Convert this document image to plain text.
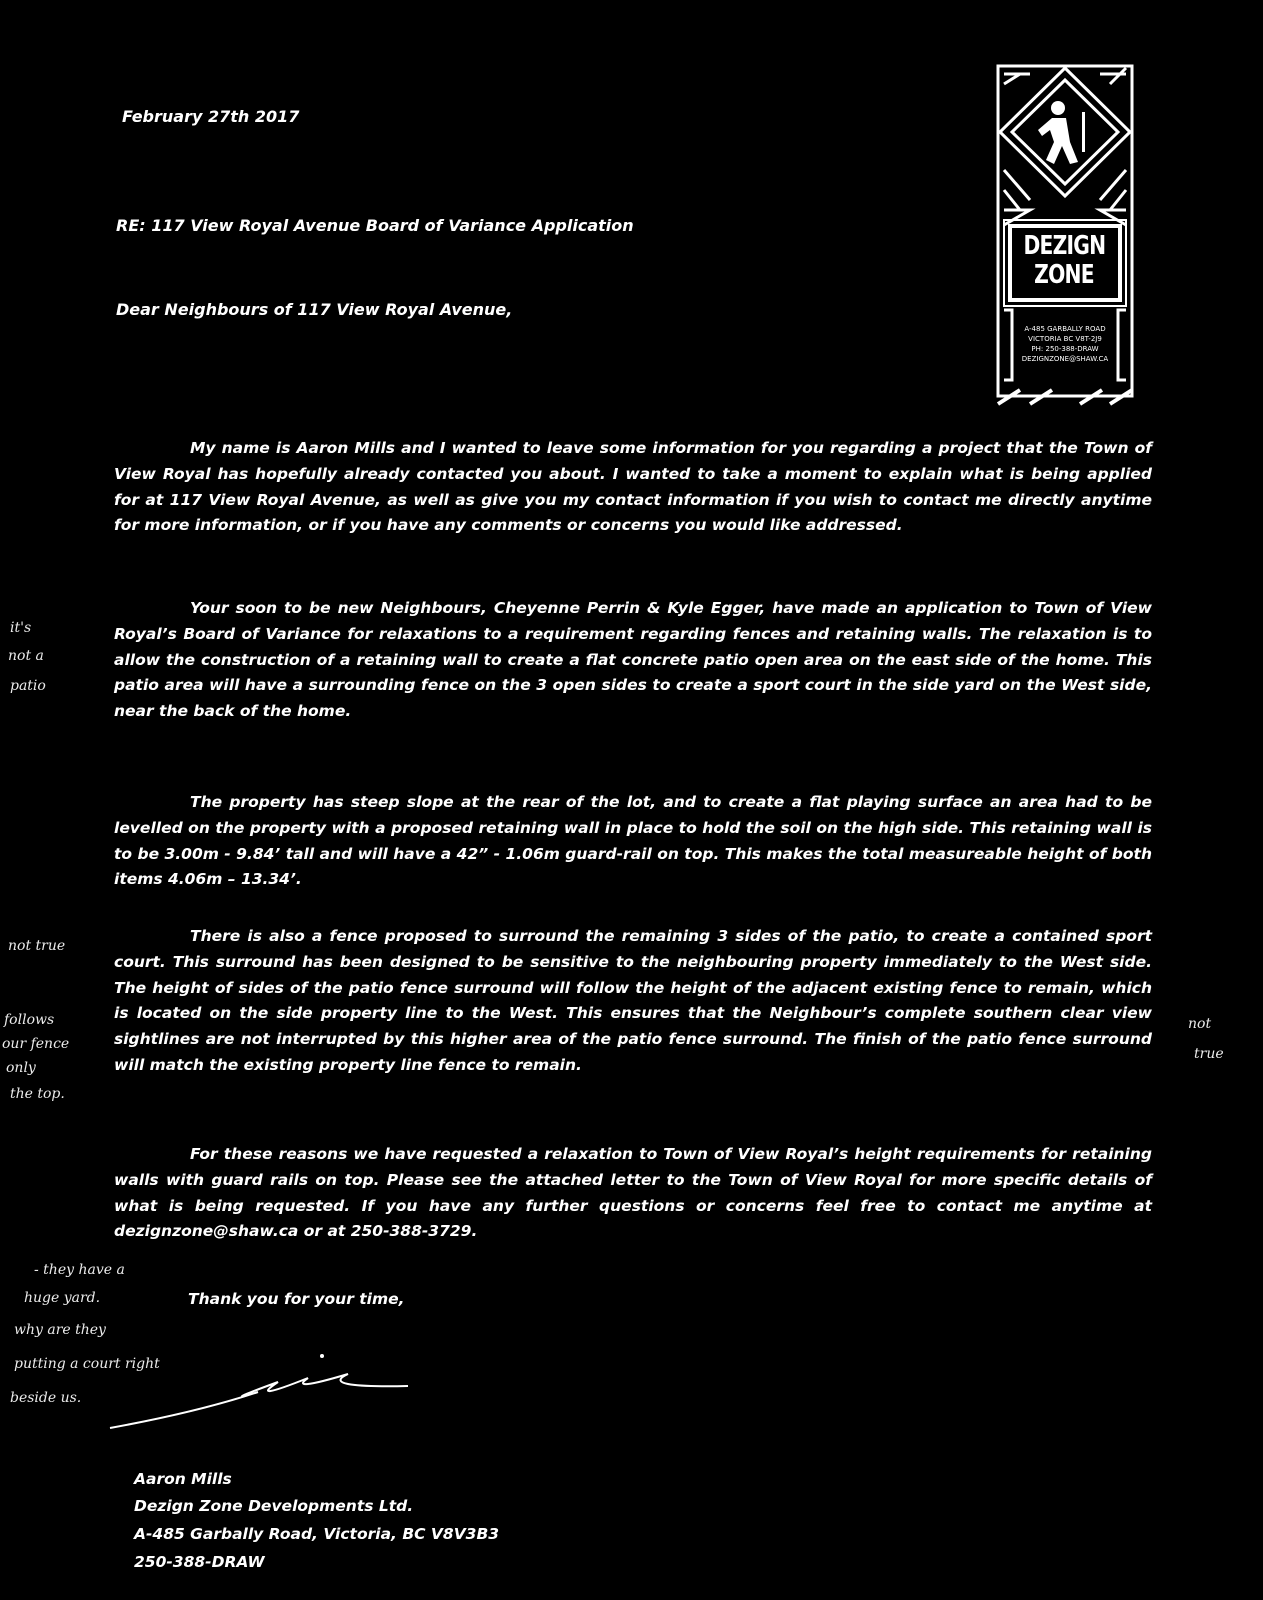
DEZIGN
ZONE
A-485 GARBALLY ROAD
VICTORIA BC V8T-2J9
PH: 250-388-DRAW
DEZIGNZONE@SHAW.CA
February 27th 2017
RE: 117 View Royal Avenue Board of Variance Application
Dear Neighbours of 117 View Royal Avenue,
My name is Aaron Mills and I wanted to leave some information for you regarding a project that the Town of View Royal has hopefully already contacted you about. I wanted to take a moment to explain what is being applied for at 117 View Royal Avenue, as well as give you my contact information if you wish to contact me directly anytime for more information, or if you have any comments or concerns you would like addressed.
Your soon to be new Neighbours, Cheyenne Perrin & Kyle Egger, have made an application to Town of View Royal’s Board of Variance for relaxations to a requirement regarding fences and retaining walls. The relaxation is to allow the construction of a retaining wall to create a flat concrete patio open area on the east side of the home. This patio area will have a surrounding fence on the 3 open sides to create a sport court in the side yard on the West side, near the back of the home.
The property has steep slope at the rear of the lot, and to create a flat playing surface an area had to be levelled on the property with a proposed retaining wall in place to hold the soil on the high side. This retaining wall is to be 3.00m - 9.84’ tall and will have a 42” - 1.06m guard-rail on top. This makes the total measureable height of both items 4.06m – 13.34’.
There is also a fence proposed to surround the remaining 3 sides of the patio, to create a contained sport court. This surround has been designed to be sensitive to the neighbouring property immediately to the West side. The height of sides of the patio fence surround will follow the height of the adjacent existing fence to remain, which is located on the side property line to the West. This ensures that the Neighbour’s complete southern clear view sightlines are not interrupted by this higher area of the patio fence surround. The finish of the patio fence surround will match the existing property line fence to remain.
For these reasons we have requested a relaxation to Town of View Royal’s height requirements for retaining walls with guard rails on top. Please see the attached letter to the Town of View Royal for more specific details of what is being requested. If you have any further questions or concerns feel free to contact me anytime at dezignzone@shaw.ca or at 250-388-3729.
Thank you for your time,
Aaron Mills
Dezign Zone Developments Ltd.
A-485 Garbally Road, Victoria, BC V8V3B3
250-388-DRAW
it's
not a
patio
not true
follows
our fence
only
the top.
not
true
- they have a
huge yard.
why are they
putting a court right
beside us.
